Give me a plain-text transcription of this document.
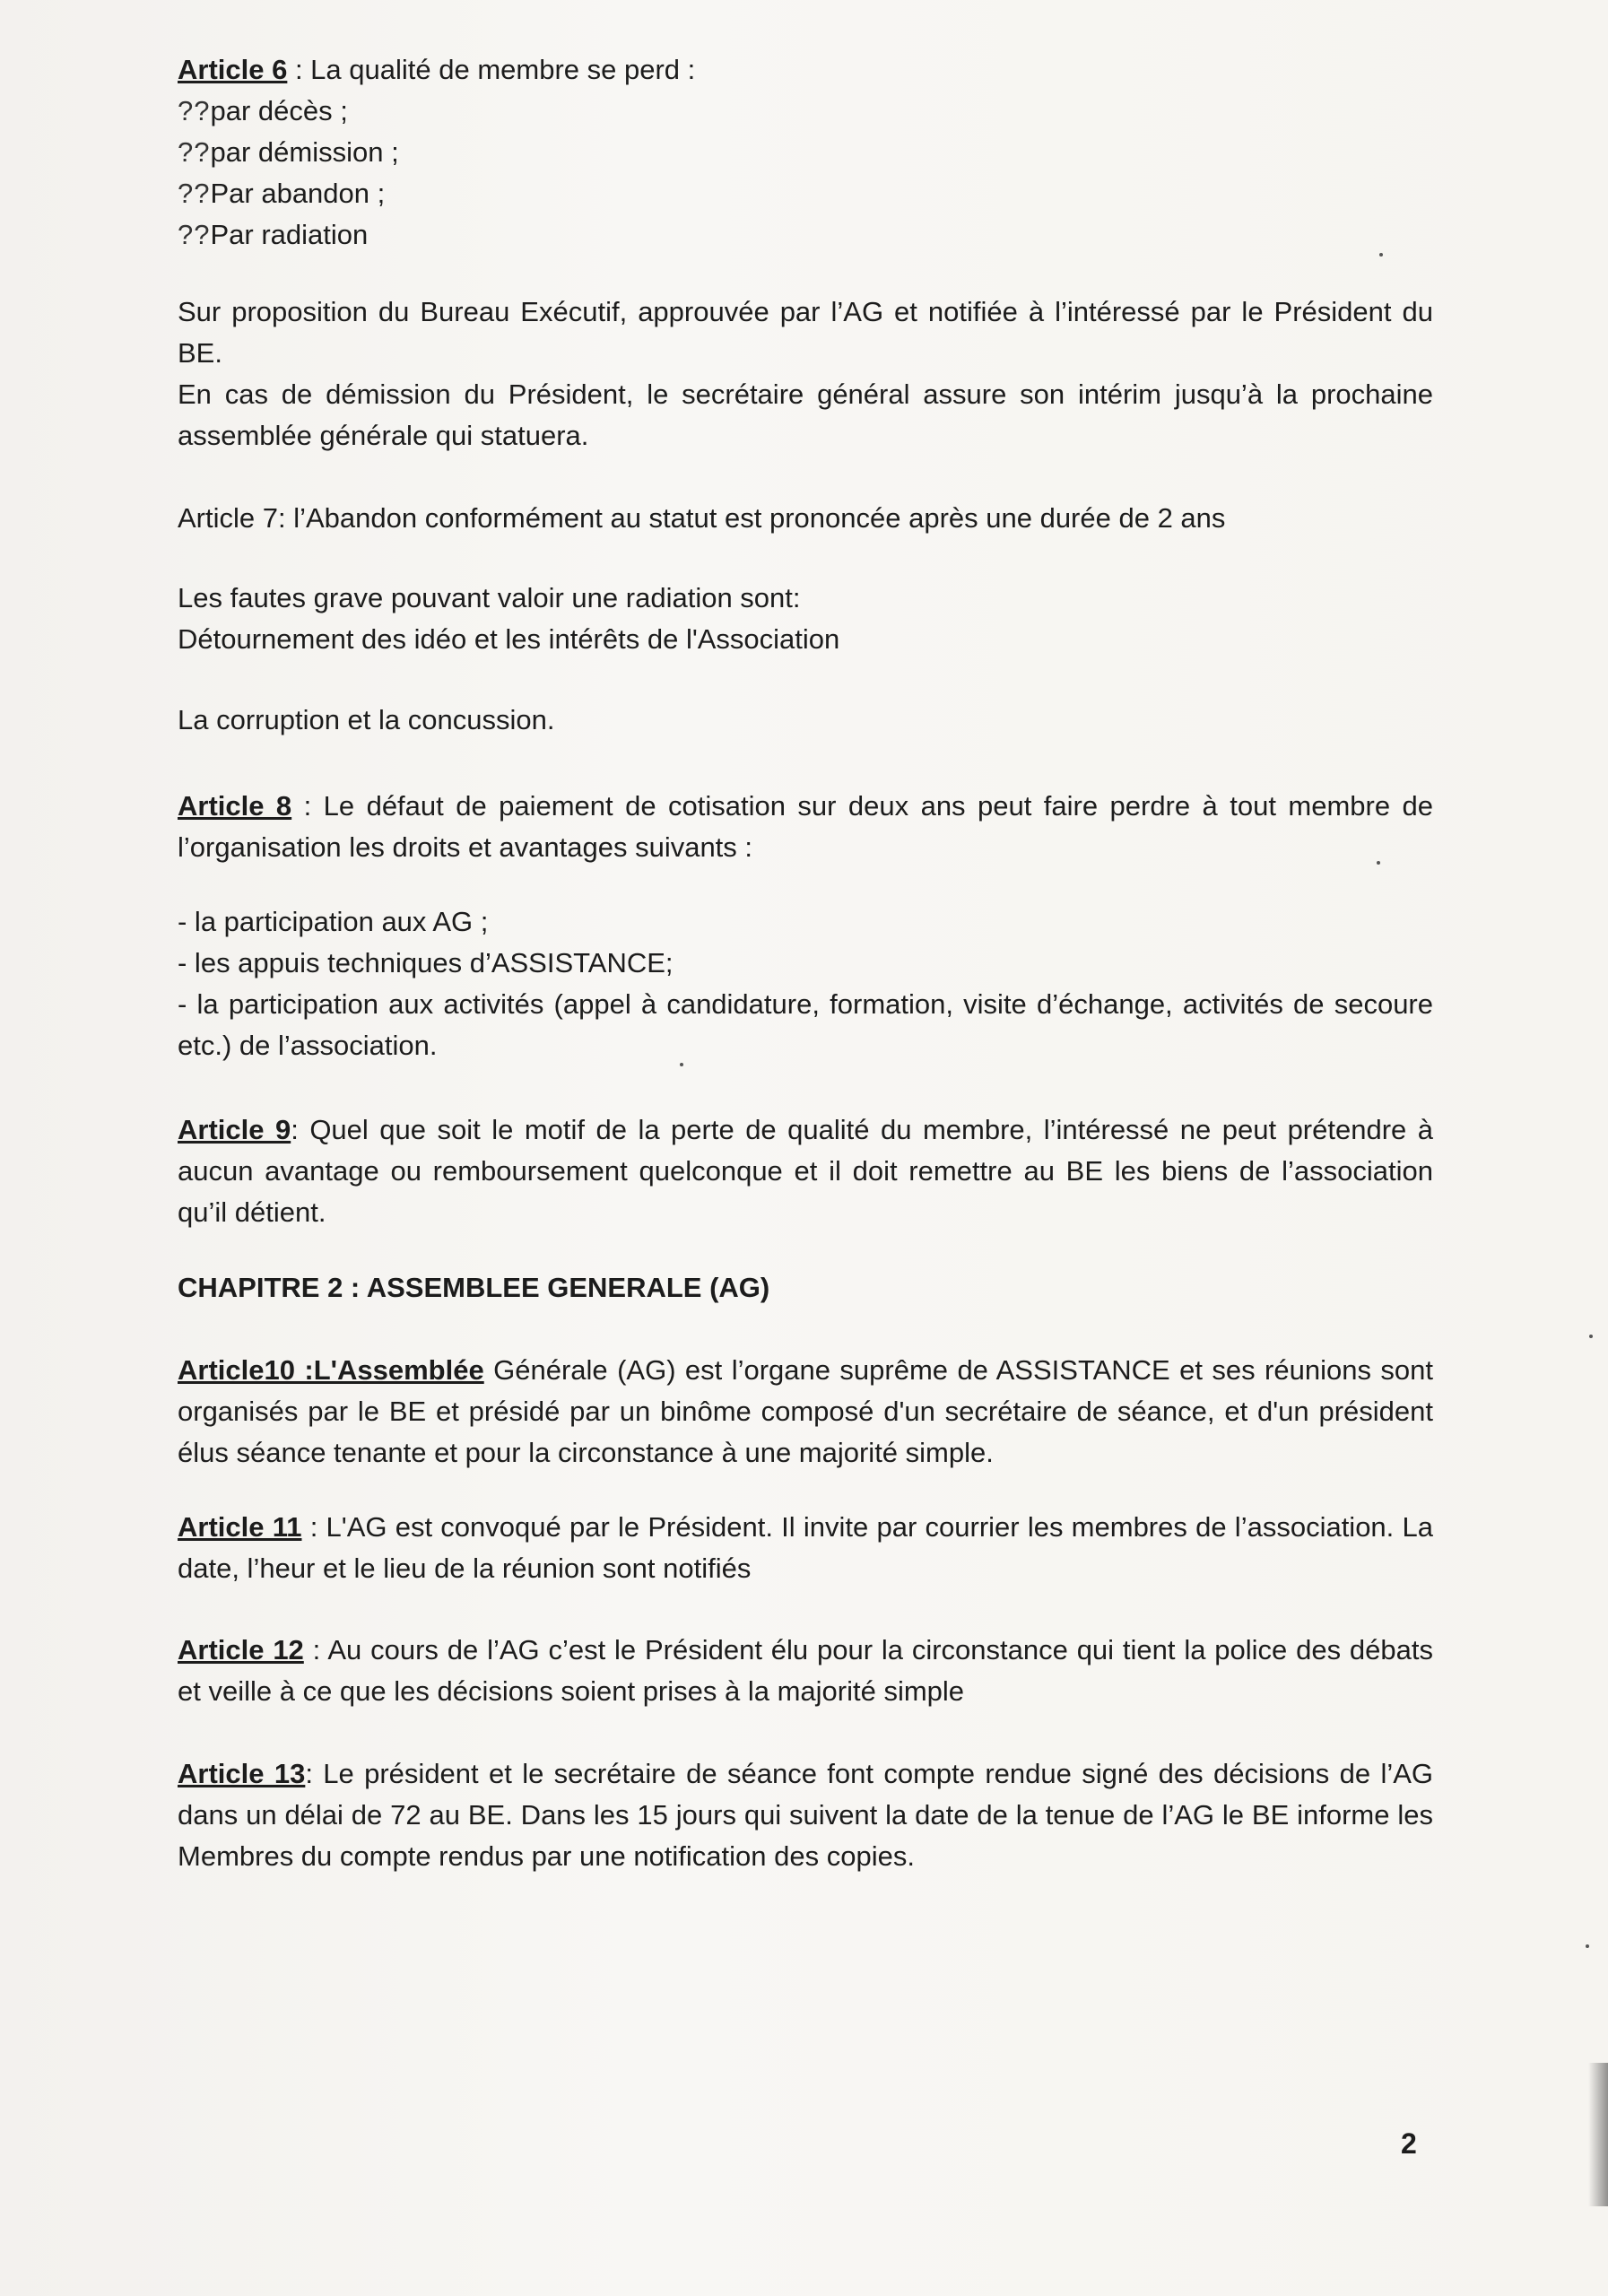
Article 6 : La qualité de membre se perd :
??par décès ;
??par démission ;
??Par abandon ;
??Par radiation

Sur proposition du Bureau Exécutif, approuvée par l’AG et notifiée à l’intéressé par le Président du BE.

En cas de démission du Président, le secrétaire général assure son intérim jusqu’à la prochaine assemblée générale qui statuera.

Article 7: l’Abandon conformément au statut est prononcée après une durée de 2 ans

Les fautes grave pouvant valoir une radiation sont:

Détournement des idéo et les intérêts de l'Association

La corruption et la concussion.

Article 8 : Le défaut de paiement de cotisation sur deux ans peut faire perdre à tout membre de l’organisation les droits et avantages suivants :

- la participation aux AG ;

- les appuis techniques d’ASSISTANCE;

- la participation aux activités (appel à candidature, formation, visite d’échange, activités de secoure etc.) de l’association.

Article 9: Quel que soit le motif de la perte de qualité du membre, l’intéressé ne peut prétendre à aucun avantage ou remboursement quelconque et il doit remettre au BE les biens de l’association qu’il détient.

CHAPITRE 2 : ASSEMBLEE GENERALE (AG)

Article10 :L'Assemblée Générale (AG) est l’organe suprême de ASSISTANCE et ses réunions sont organisés par le BE et présidé par un binôme composé d'un secrétaire de séance, et d'un président élus séance tenante et pour la circonstance à une majorité simple.

Article 11 : L'AG est convoqué par le Président. Il invite par courrier les membres de l’association. La date, l’heur et le lieu de la réunion sont notifiés

Article 12 : Au cours de l’AG c’est le Président élu pour la circonstance qui tient la police des débats et veille à ce que les décisions soient prises à la majorité simple

Article 13: Le président et le secrétaire de séance font compte rendue signé des décisions de l’AG dans un délai de 72 au BE. Dans les 15 jours qui suivent la date de la tenue de l’AG le BE informe les Membres du compte rendus par une notification des copies.

2
